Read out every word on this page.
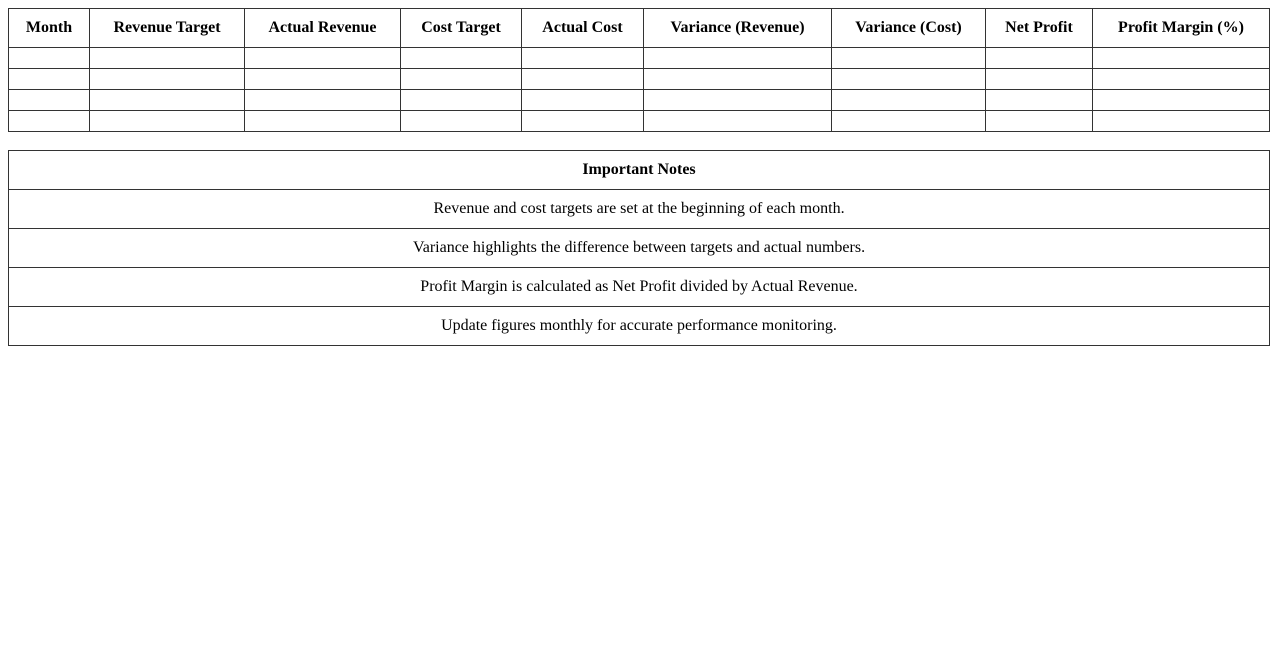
Month	Revenue Target	Actual Revenue	Cost Target	Actual Cost	Variance (Revenue)	Variance (Cost)	Net Profit	Profit Margin (%)

Important Notes
Revenue and cost targets are set at the beginning of each month.
Variance highlights the difference between targets and actual numbers.
Profit Margin is calculated as Net Profit divided by Actual Revenue.
Update figures monthly for accurate performance monitoring.
